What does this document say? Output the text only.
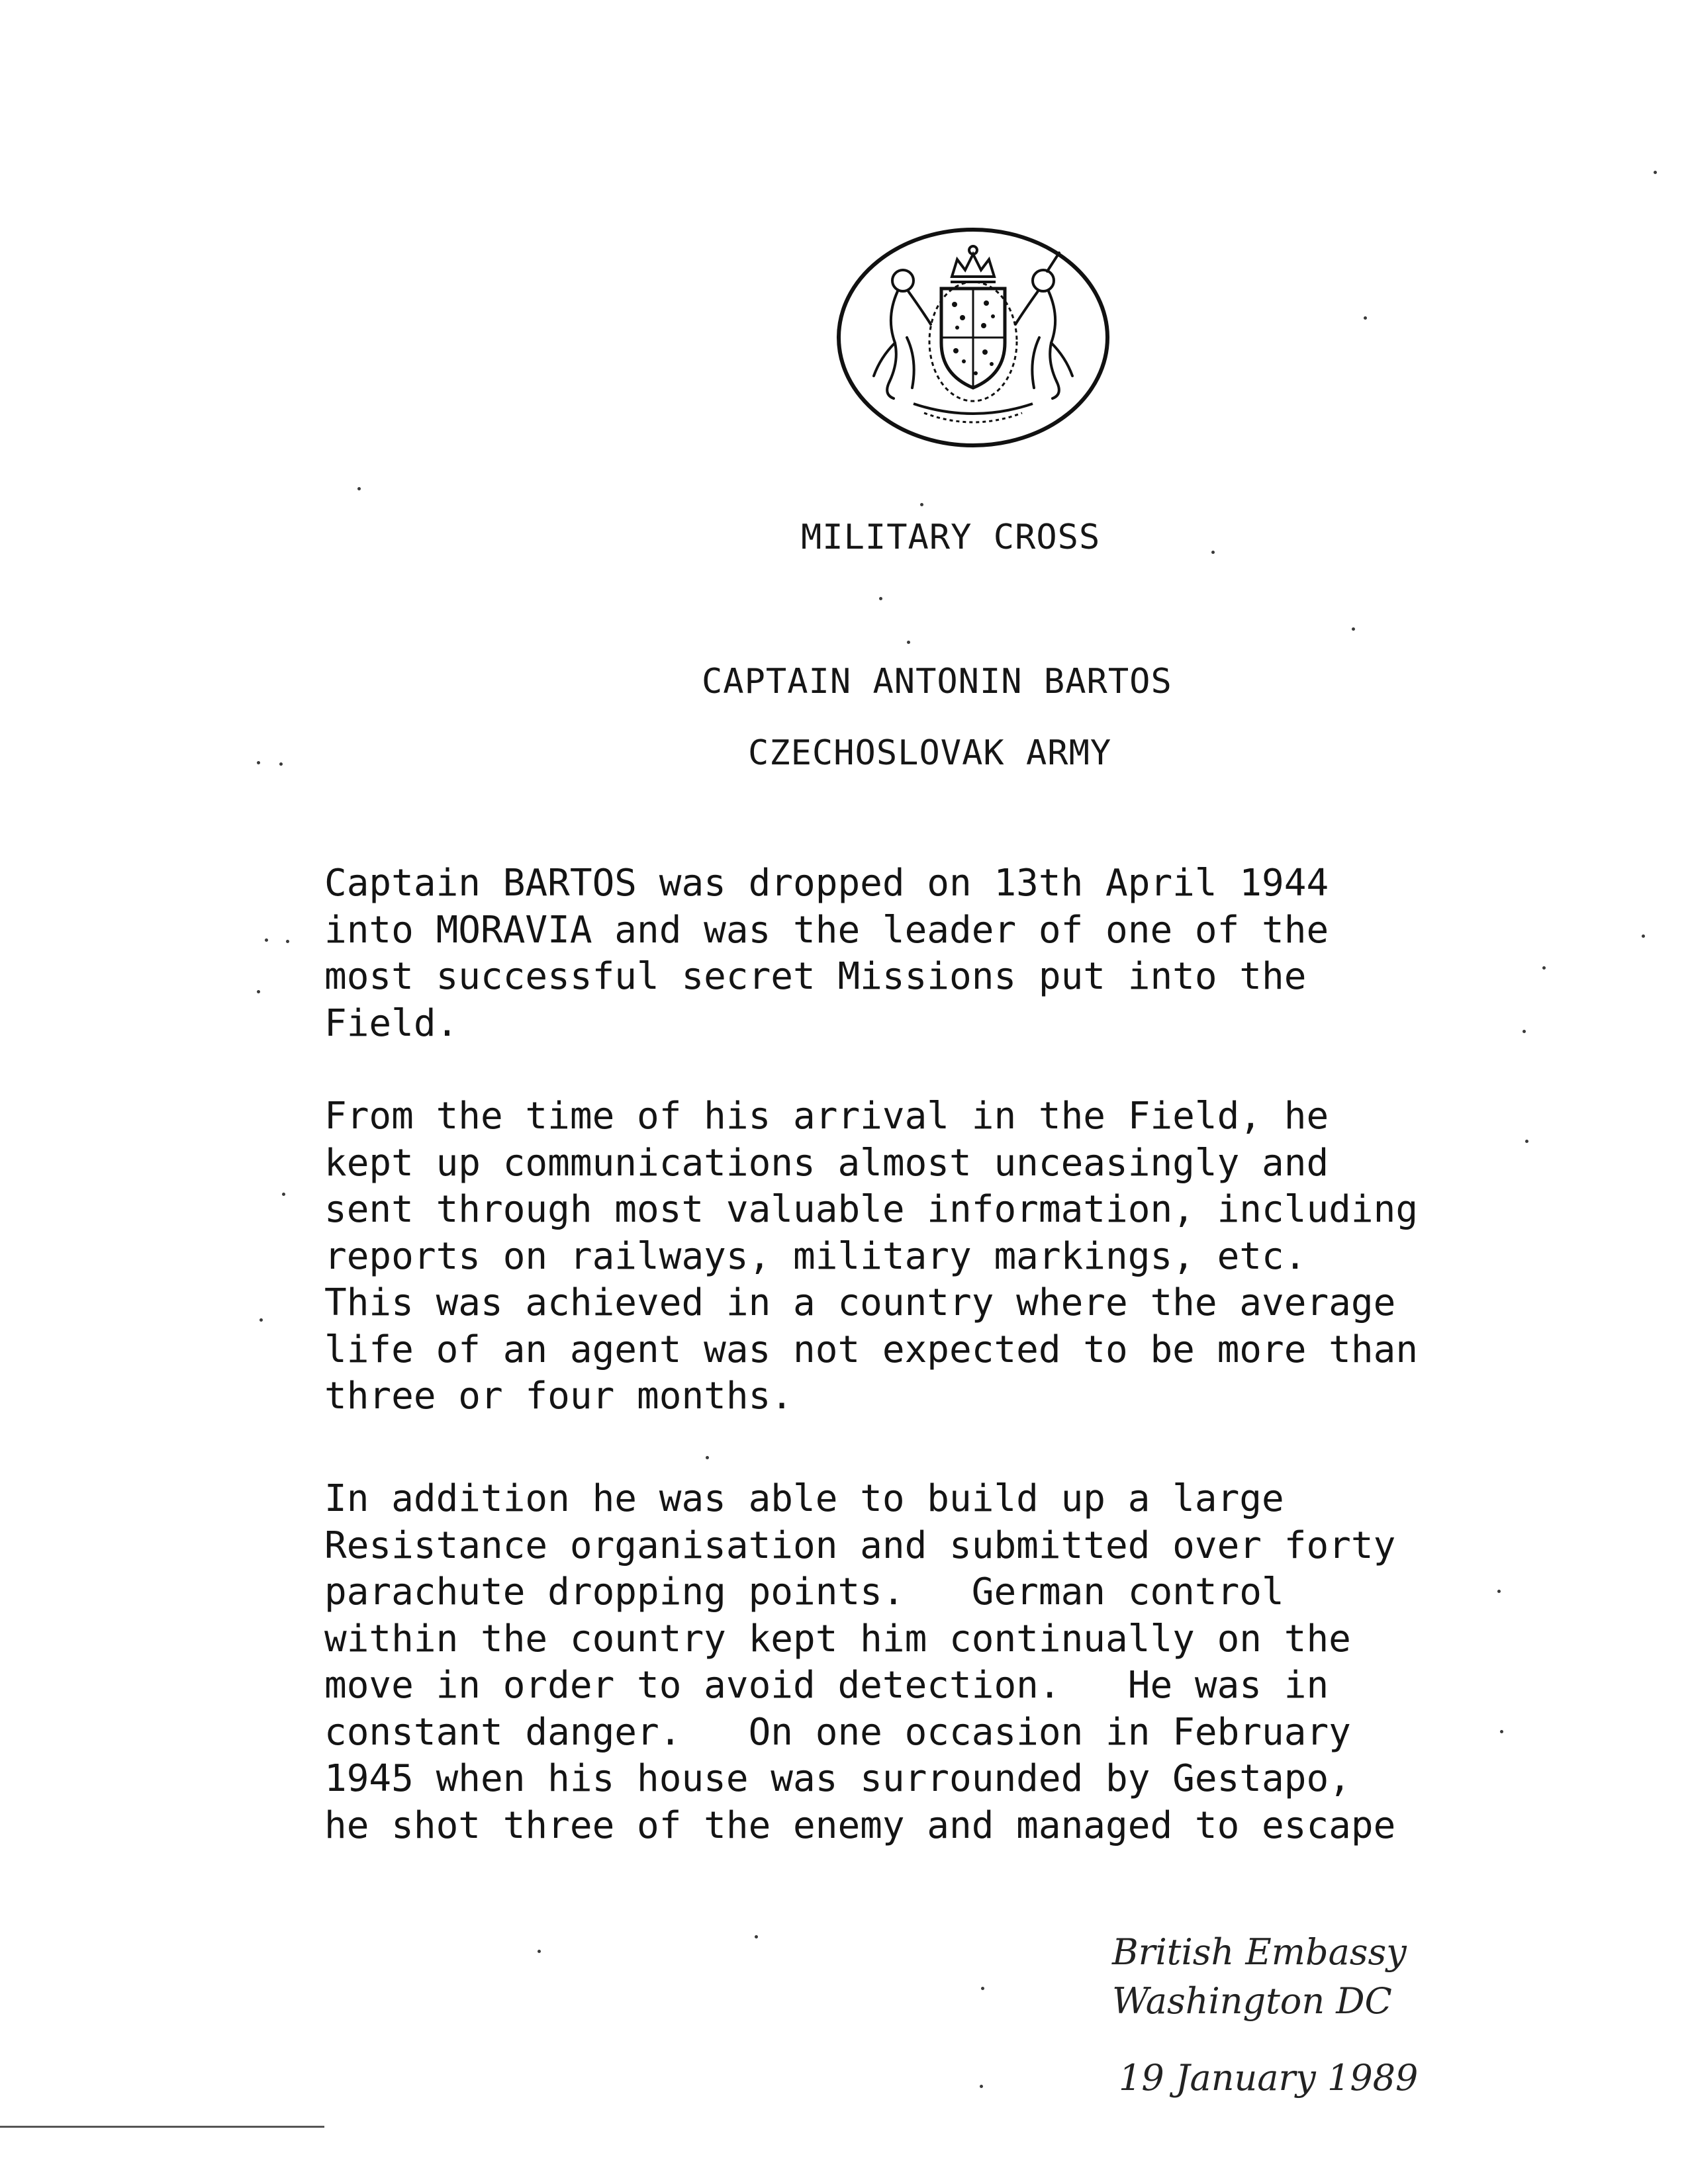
MILITARY CROSS
CAPTAIN ANTONIN BARTOS
CZECHOSLOVAK ARMY
Captain BARTOS was dropped on 13th April 1944
into MORAVIA and was the leader of one of the
most successful secret Missions put into the
Field.
From the time of his arrival in the Field, he
kept up communications almost unceasingly and
sent through most valuable information, including
reports on railways, military markings, etc.
This was achieved in a country where the average
life of an agent was not expected to be more than
three or four months.
In addition he was able to build up a large
Resistance organisation and submitted over forty
parachute dropping points.   German control
within the country kept him continually on the
move in order to avoid detection.   He was in
constant danger.   On one occasion in February
1945 when his house was surrounded by Gestapo,
he shot three of the enemy and managed to escape
British Embassy
Washington DC
19 January 1989
